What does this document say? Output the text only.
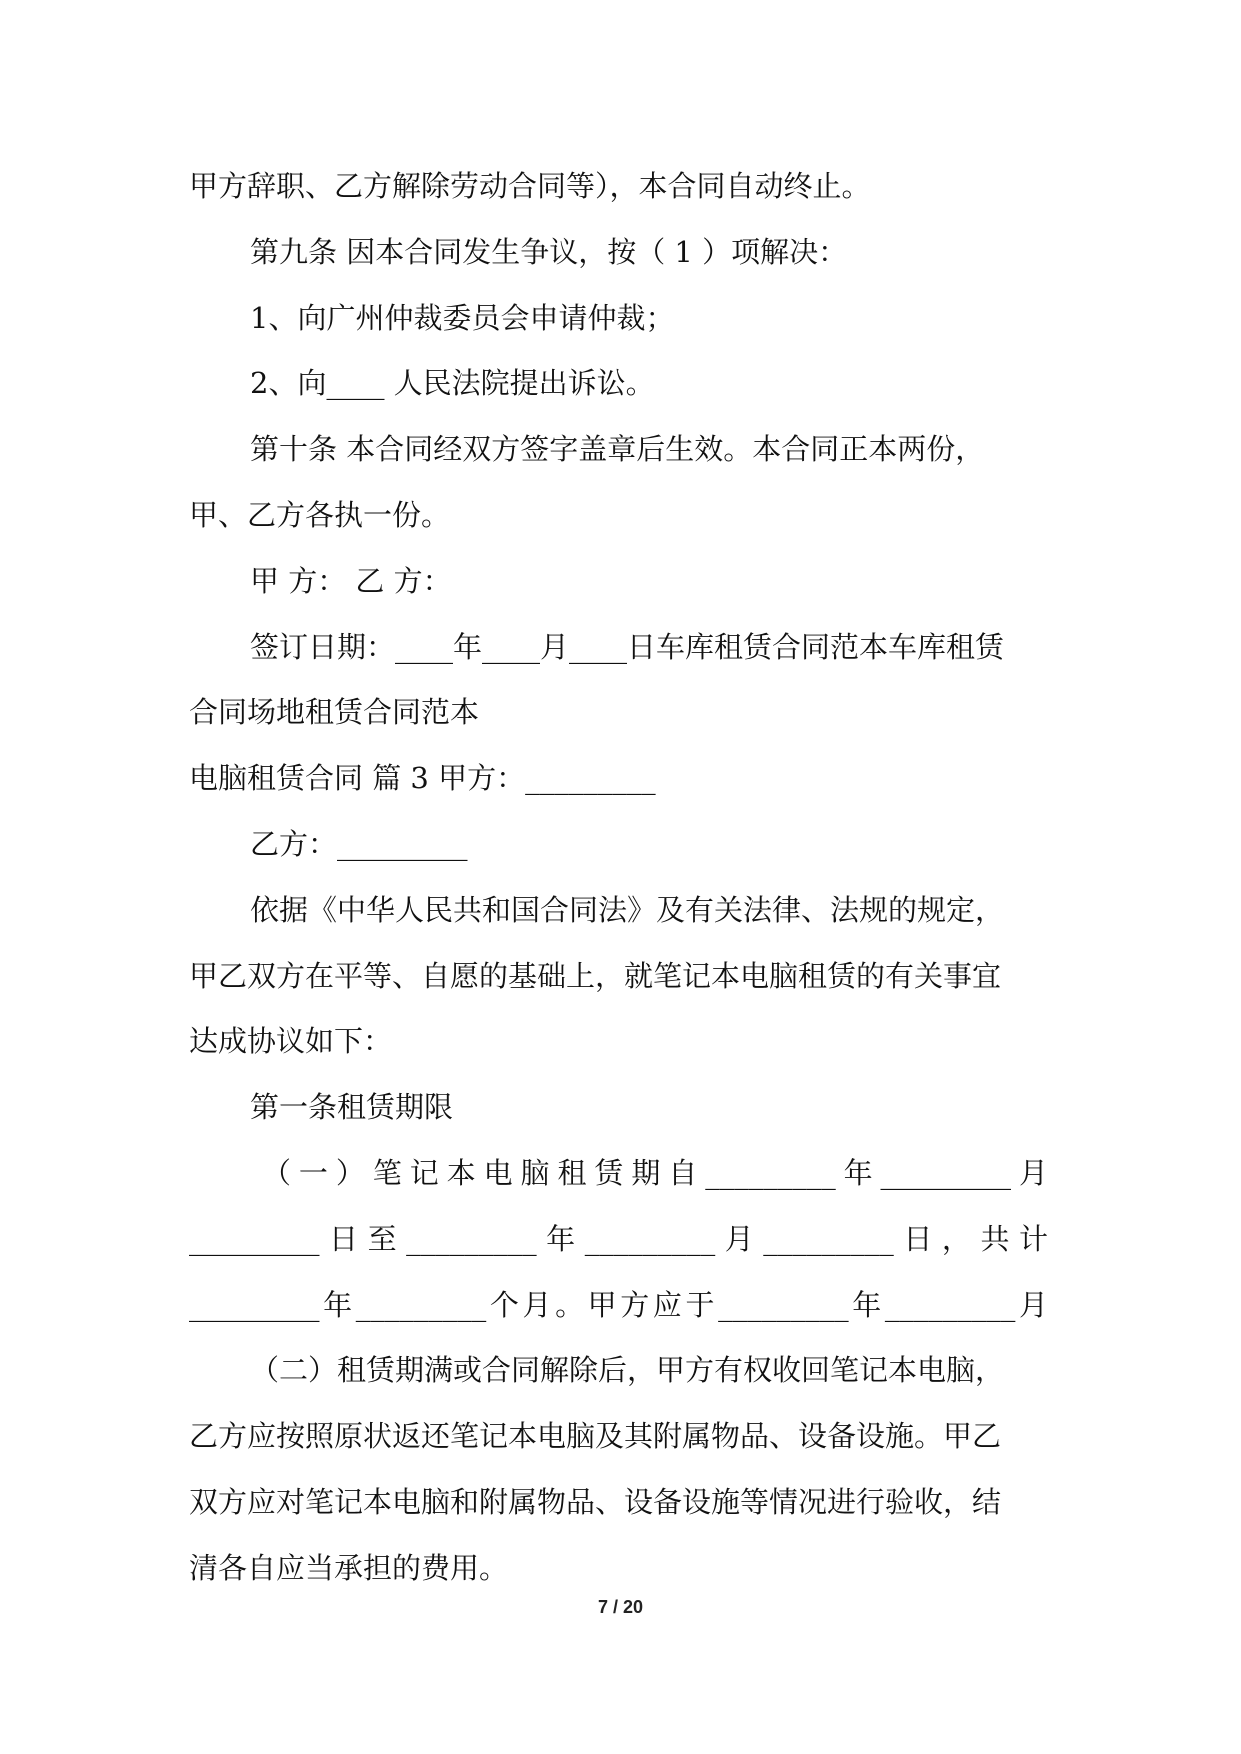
甲方辞职、乙方解除劳动合同等），本合同自动终止。
第九条 因本合同发生争议，按（ 1 ）项解决：
1、向广州仲裁委员会申请仲裁；
2、向____ 人民法院提出诉讼。
第十条 本合同经双方签字盖章后生效。本合同正本两份，
甲、乙方各执一份。
甲 方： 乙 方：
签订日期：____年____月____日车库租赁合同范本车库租赁
合同场地租赁合同范本
电脑租赁合同 篇 3 甲方：_________
乙方：_________
依据《中华人民共和国合同法》及有关法律、法规的规定，
甲乙双方在平等、自愿的基础上，就笔记本电脑租赁的有关事宜
达成协议如下：
第一条租赁期限
（一）笔记本电脑租赁期自_________年_________月
_________日至_________年_________月_________日，共计
_________年_________个月。甲方应于_________年_________月
（二）租赁期满或合同解除后，甲方有权收回笔记本电脑，
乙方应按照原状返还笔记本电脑及其附属物品、设备设施。甲乙
双方应对笔记本电脑和附属物品、设备设施等情况进行验收，结
清各自应当承担的费用。
7 / 20
